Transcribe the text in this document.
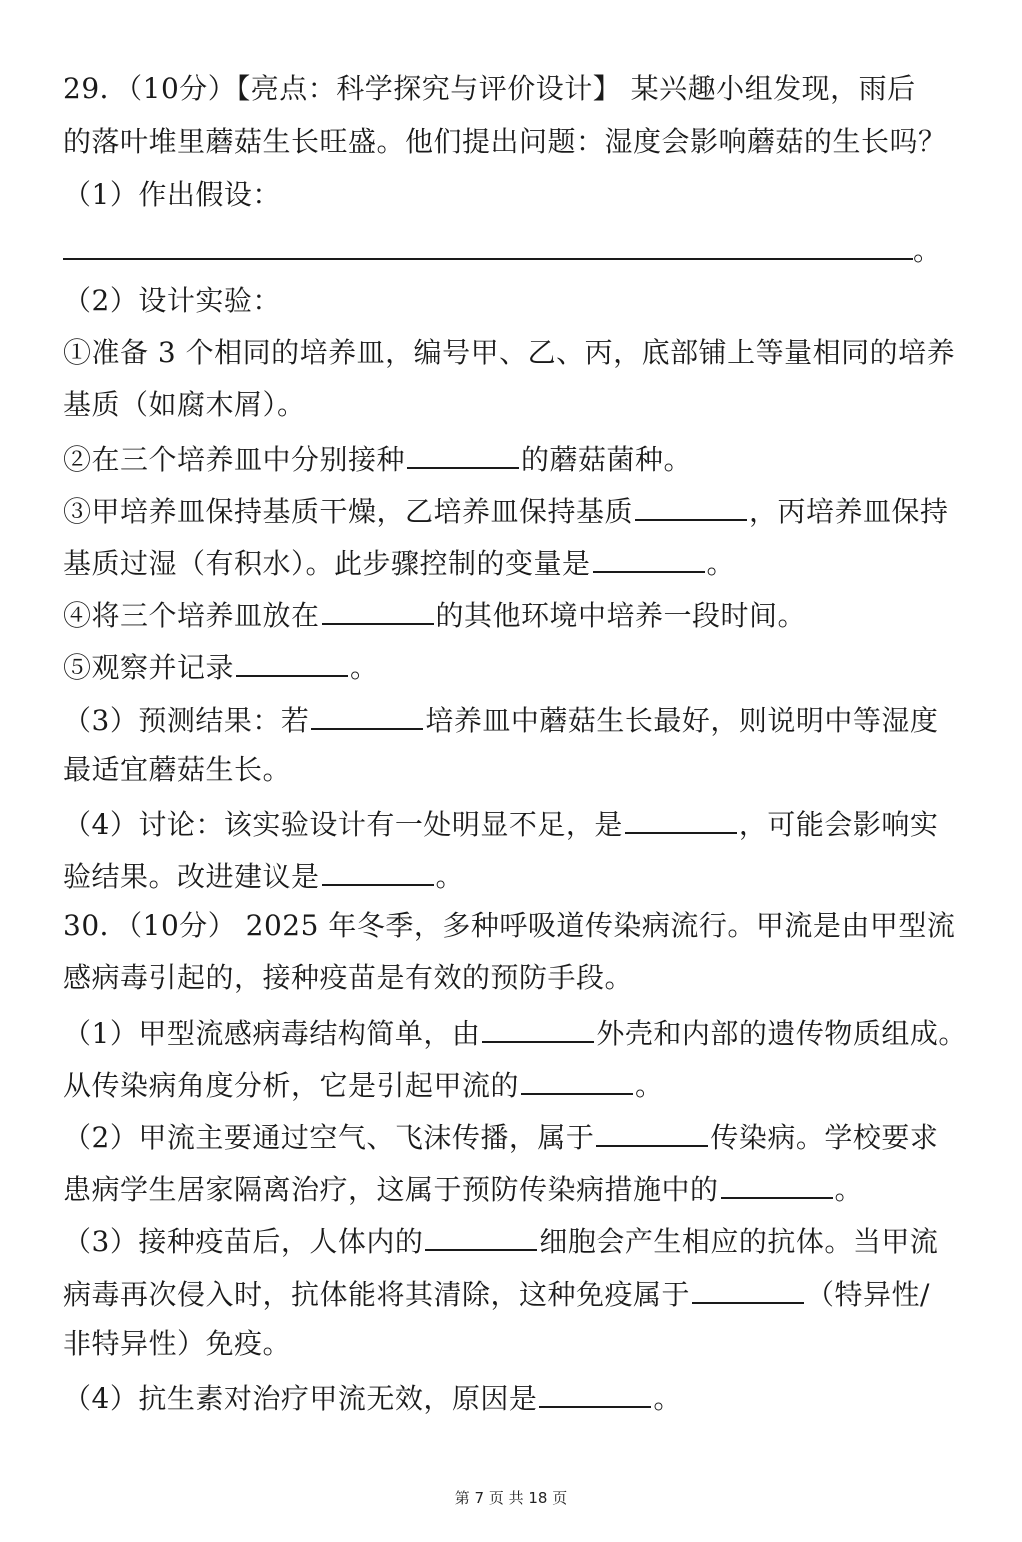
29．（10分）【亮点：科学探究与评价设计】 某兴趣小组发现，雨后
的落叶堆里蘑菇生长旺盛。他们提出问题：湿度会影响蘑菇的生长吗？
（1）作出假设：
。
（2）设计实验：
①准备 3 个相同的培养皿，编号甲、乙、丙，底部铺上等量相同的培养
基质（如腐木屑）。
②在三个培养皿中分别接种	的蘑菇菌种。
③甲培养皿保持基质干燥，乙培养皿保持基质	，丙培养皿保持
基质过湿（有积水）。此步骤控制的变量是	。
④将三个培养皿放在	的其他环境中培养一段时间。
⑤观察并记录	。
（3）预测结果：若	培养皿中蘑菇生长最好，则说明中等湿度
最适宜蘑菇生长。
（4）讨论：该实验设计有一处明显不足，是	，可能会影响实
验结果。改进建议是	。
30．（10分） 2025 年冬季，多种呼吸道传染病流行。甲流是由甲型流
感病毒引起的，接种疫苗是有效的预防手段。
（1）甲型流感病毒结构简单，由	外壳和内部的遗传物质组成。
从传染病角度分析，它是引起甲流的	。
（2）甲流主要通过空气、飞沫传播，属于	传染病。学校要求
患病学生居家隔离治疗，这属于预防传染病措施中的	。
（3）接种疫苗后，人体内的	细胞会产生相应的抗体。当甲流
病毒再次侵入时，抗体能将其清除，这种免疫属于	（特异性/
非特异性）免疫。
（4）抗生素对治疗甲流无效，原因是	。
第 7 页 共 18 页
